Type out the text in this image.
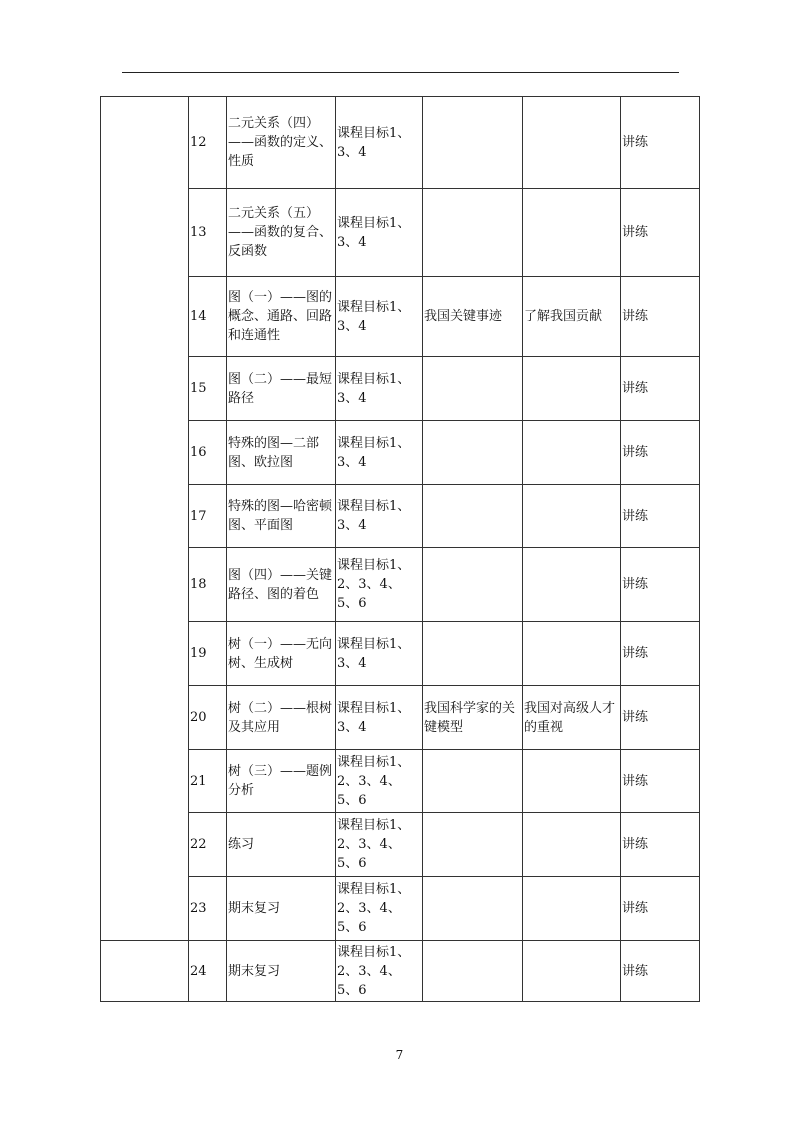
	12	二元关系（四）——函数的定义、性质	课程目标1、3、4			讲练
	13	二元关系（五）——函数的复合、反函数	课程目标1、3、4			讲练
	14	图（一）——图的概念、通路、回路和连通性	课程目标1、3、4	我国关键事迹	了解我国贡献	讲练
	15	图（二）——最短路径	课程目标1、3、4			讲练
	16	特殊的图—二部图、欧拉图	课程目标1、3、4			讲练
	17	特殊的图—哈密顿图、平面图	课程目标1、3、4			讲练
	18	图（四）——关键路径、图的着色	课程目标1、2、3、4、5、6			讲练
	19	树（一）——无向树、生成树	课程目标1、3、4			讲练
	20	树（二）——根树及其应用	课程目标1、3、4	我国科学家的关键模型	我国对高级人才的重视	讲练
	21	树（三）——题例分析	课程目标1、2、3、4、5、6			讲练
	22	练习	课程目标1、2、3、4、5、6			讲练
	23	期末复习	课程目标1、2、3、4、5、6			讲练
	24	期末复习	课程目标1、2、3、4、5、6			讲练
7
